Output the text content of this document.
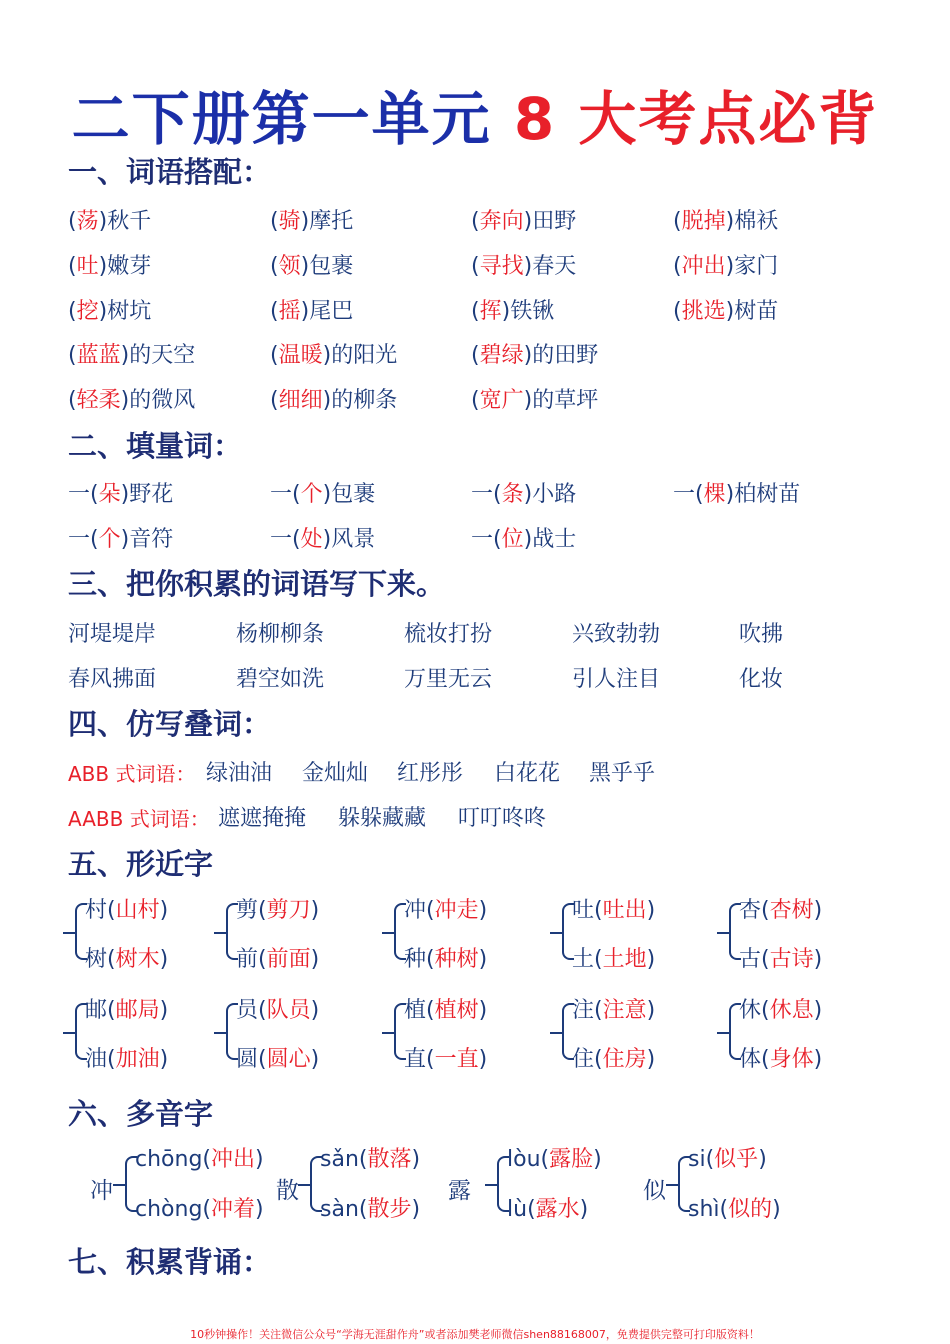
二下册第一单元 8 大考点必背
一、词语搭配：
(荡)秋千	(骑)摩托	(奔向)田野	(脱掉)棉袄
(吐)嫩芽	(领)包裹	(寻找)春天	(冲出)家门
(挖)树坑	(摇)尾巴	(挥)铁锹	(挑选)树苗
(蓝蓝)的天空	(温暖)的阳光	(碧绿)的田野
(轻柔)的微风	(细细)的柳条	(宽广)的草坪
二、填量词：
一(朵)野花	一(个)包裹	一(条)小路	一(棵)柏树苗
一(个)音符	一(处)风景	一(位)战士
三、把你积累的词语写下来。
河堤堤岸	杨柳柳条	梳妆打扮	兴致勃勃	吹拂
春风拂面	碧空如洗	万里无云	引人注目	化妆
四、仿写叠词：
ABB 式词语： 绿油油 金灿灿 红彤彤 白花花 黑乎乎
AABB 式词语： 遮遮掩掩 躲躲藏藏 叮叮咚咚
五、形近字
村(山村)	剪(剪刀)	冲(冲走)	吐(吐出)	杏(杏树)
树(树木)	前(前面)	种(种树)	土(土地)	古(古诗)
邮(邮局)	员(队员)	植(植树)	注(注意)	休(休息)
油(加油)	圆(圆心)	直(一直)	住(住房)	体(身体)
六、多音字
冲
chōng(冲出)
chòng(冲着)
散
sǎn(散落)
sàn(散步)
露
lòu(露脸)
lù(露水)
似
si(似乎)
shì(似的)
七、积累背诵：
10秒钟操作！关注微信公众号“学海无涯甜作舟”或者添加樊老师微信shen88168007，免费提供完整可打印版资料！
